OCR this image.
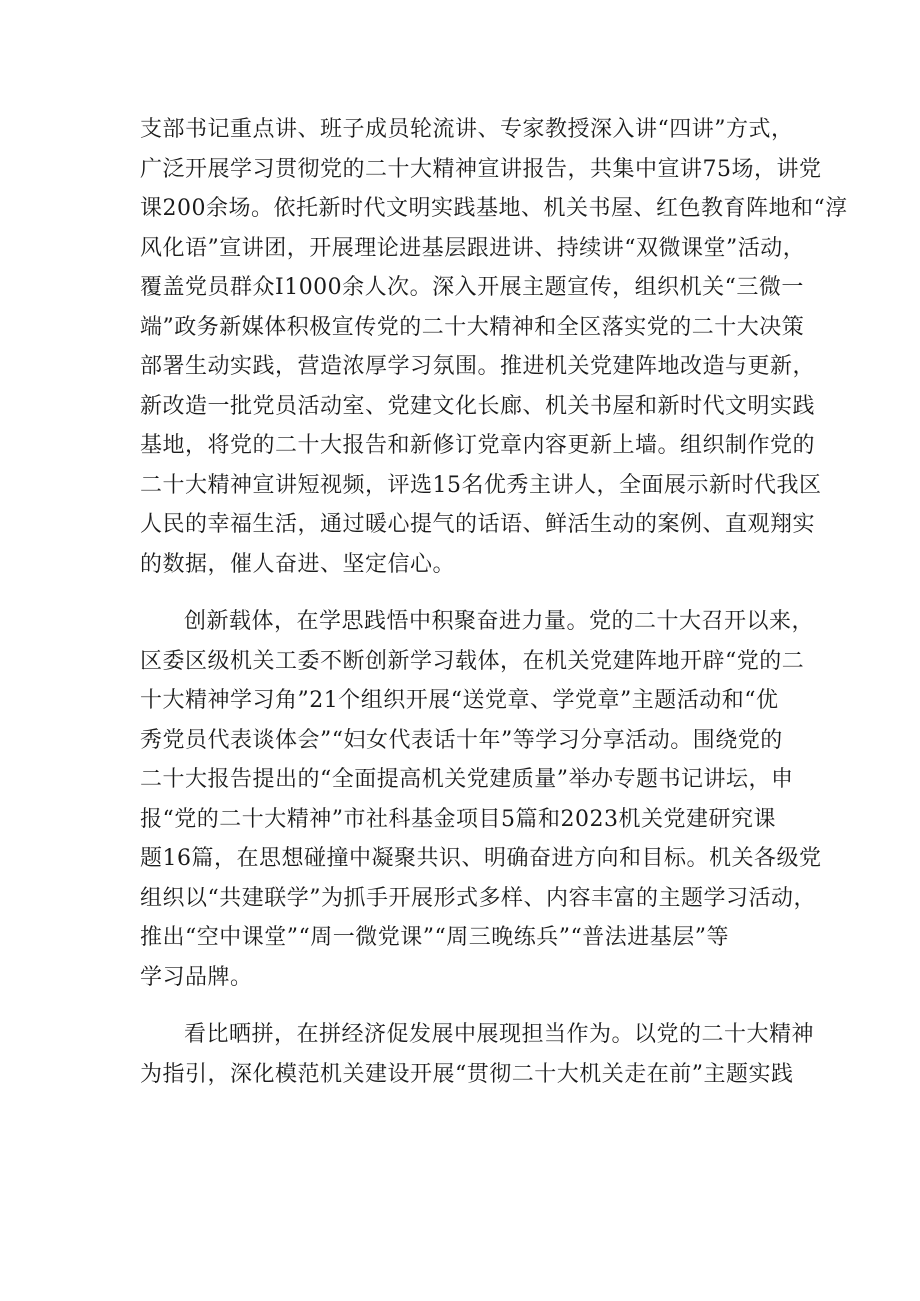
支部书记重点讲、班子成员轮流讲、专家教授深入讲“四讲”方式，
广泛开展学习贯彻党的二十大精神宣讲报告，共集中宣讲75场，讲党
课200余场。依托新时代文明实践基地、机关书屋、红色教育阵地和“淳
风化语”宣讲团，开展理论进基层跟进讲、持续讲“双微课堂”活动，
覆盖党员群众I1000余人次。深入开展主题宣传，组织机关“三微一
端”政务新媒体积极宣传党的二十大精神和全区落实党的二十大决策
部署生动实践，营造浓厚学习氛围。推进机关党建阵地改造与更新，
新改造一批党员活动室、党建文化长廊、机关书屋和新时代文明实践
基地，将党的二十大报告和新修订党章内容更新上墙。组织制作党的
二十大精神宣讲短视频，评选15名优秀主讲人，全面展示新时代我区
人民的幸福生活，通过暖心提气的话语、鲜活生动的案例、直观翔实
的数据，催人奋进、坚定信心。
创新载体，在学思践悟中积聚奋进力量。党的二十大召开以来，
区委区级机关工委不断创新学习载体，在机关党建阵地开辟“党的二
十大精神学习角”21个组织开展“送党章、学党章”主题活动和“优
秀党员代表谈体会”“妇女代表话十年”等学习分享活动。围绕党的
二十大报告提出的“全面提高机关党建质量”举办专题书记讲坛，申
报“党的二十大精神”市社科基金项目5篇和2023机关党建研究课
题16篇，在思想碰撞中凝聚共识、明确奋进方向和目标。机关各级党
组织以“共建联学”为抓手开展形式多样、内容丰富的主题学习活动，
推出“空中课堂”“周一微党课”“周三晚练兵”“普法进基层”等
学习品牌。
看比晒拼，在拼经济促发展中展现担当作为。以党的二十大精神
为指引，深化模范机关建设开展“贯彻二十大机关走在前”主题实践
